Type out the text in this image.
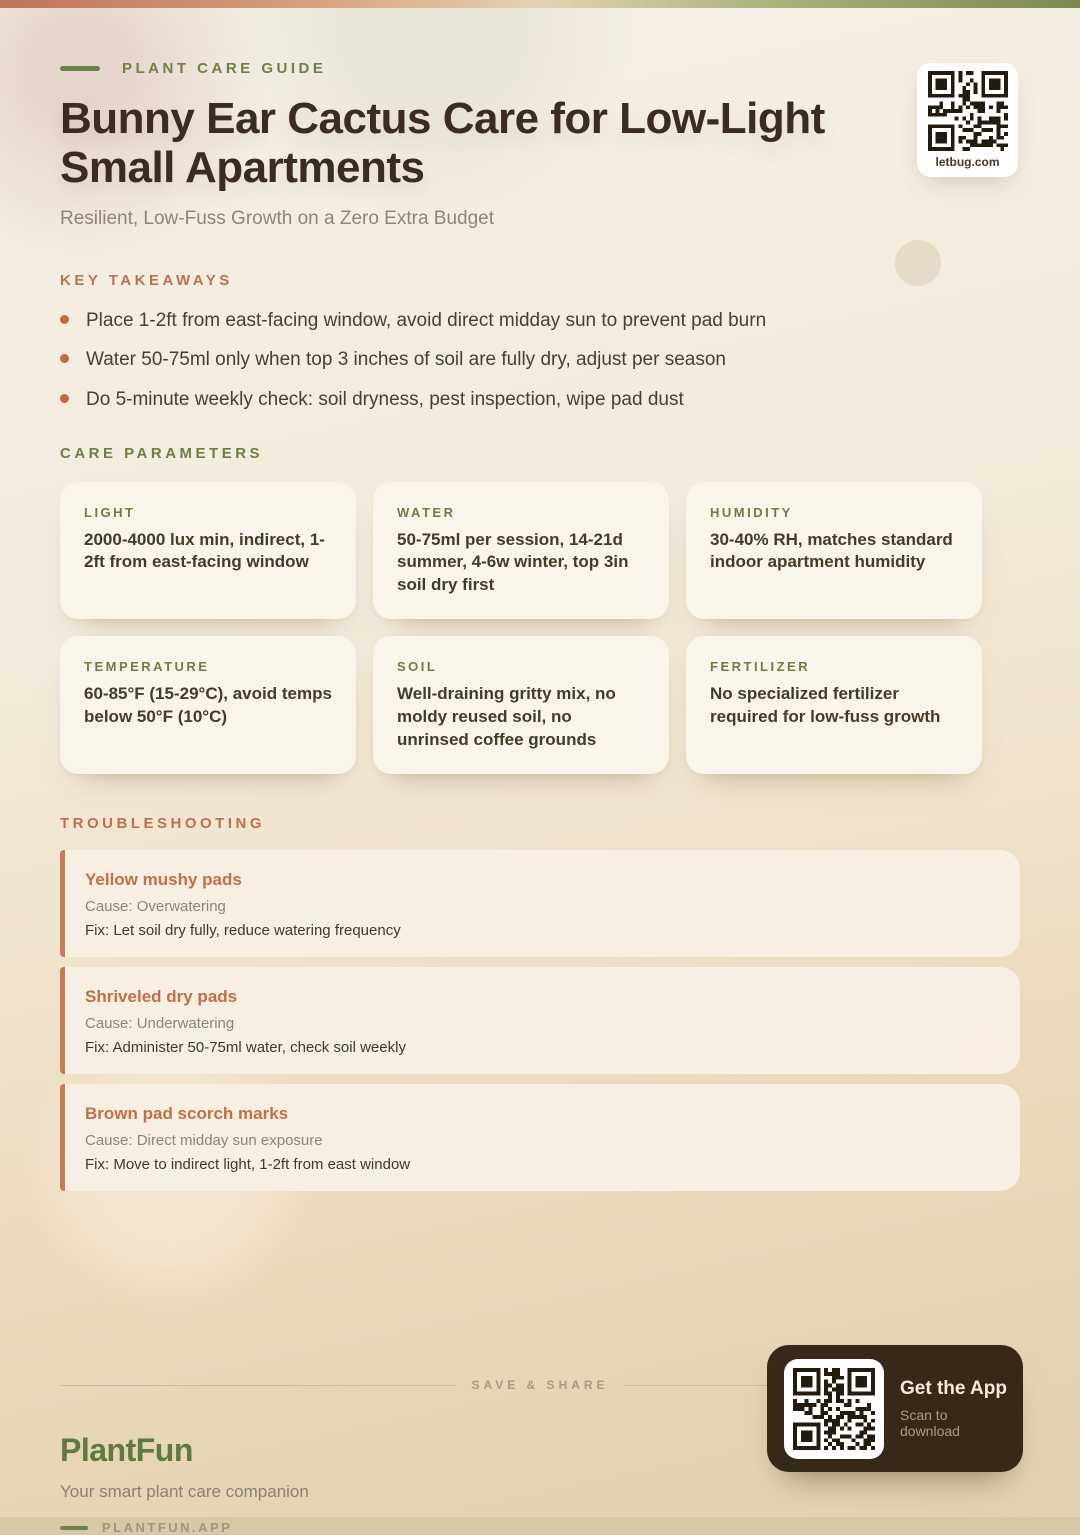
letbug.com
PLANT CARE GUIDE
Bunny Ear Cactus Care for Low-Light Small Apartments
Resilient, Low-Fuss Growth on a Zero Extra Budget
KEY TAKEAWAYS
Place 1-2ft from east-facing window, avoid direct midday sun to prevent pad burn
Water 50-75ml only when top 3 inches of soil are fully dry, adjust per season
Do 5-minute weekly check: soil dryness, pest inspection, wipe pad dust
CARE PARAMETERS
LIGHT
2000-4000 lux min, indirect, 1-2ft from east-facing window
WATER
50-75ml per session, 14-21d summer, 4-6w winter, top 3in soil dry first
HUMIDITY
30-40% RH, matches standard indoor apartment humidity
TEMPERATURE
60-85°F (15-29°C), avoid temps below 50°F (10°C)
SOIL
Well-draining gritty mix, no moldy reused soil, no unrinsed coffee grounds
FERTILIZER
No specialized fertilizer required for low-fuss growth
TROUBLESHOOTING
Yellow mushy pads
Cause: Overwatering
Fix: Let soil dry fully, reduce watering frequency
Shriveled dry pads
Cause: Underwatering
Fix: Administer 50-75ml water, check soil weekly
Brown pad scorch marks
Cause: Direct midday sun exposure
Fix: Move to indirect light, 1-2ft from east window
SAVE & SHARE
PlantFun
Your smart plant care companion
PLANTFUN.APP
Get the App
Scan to download
